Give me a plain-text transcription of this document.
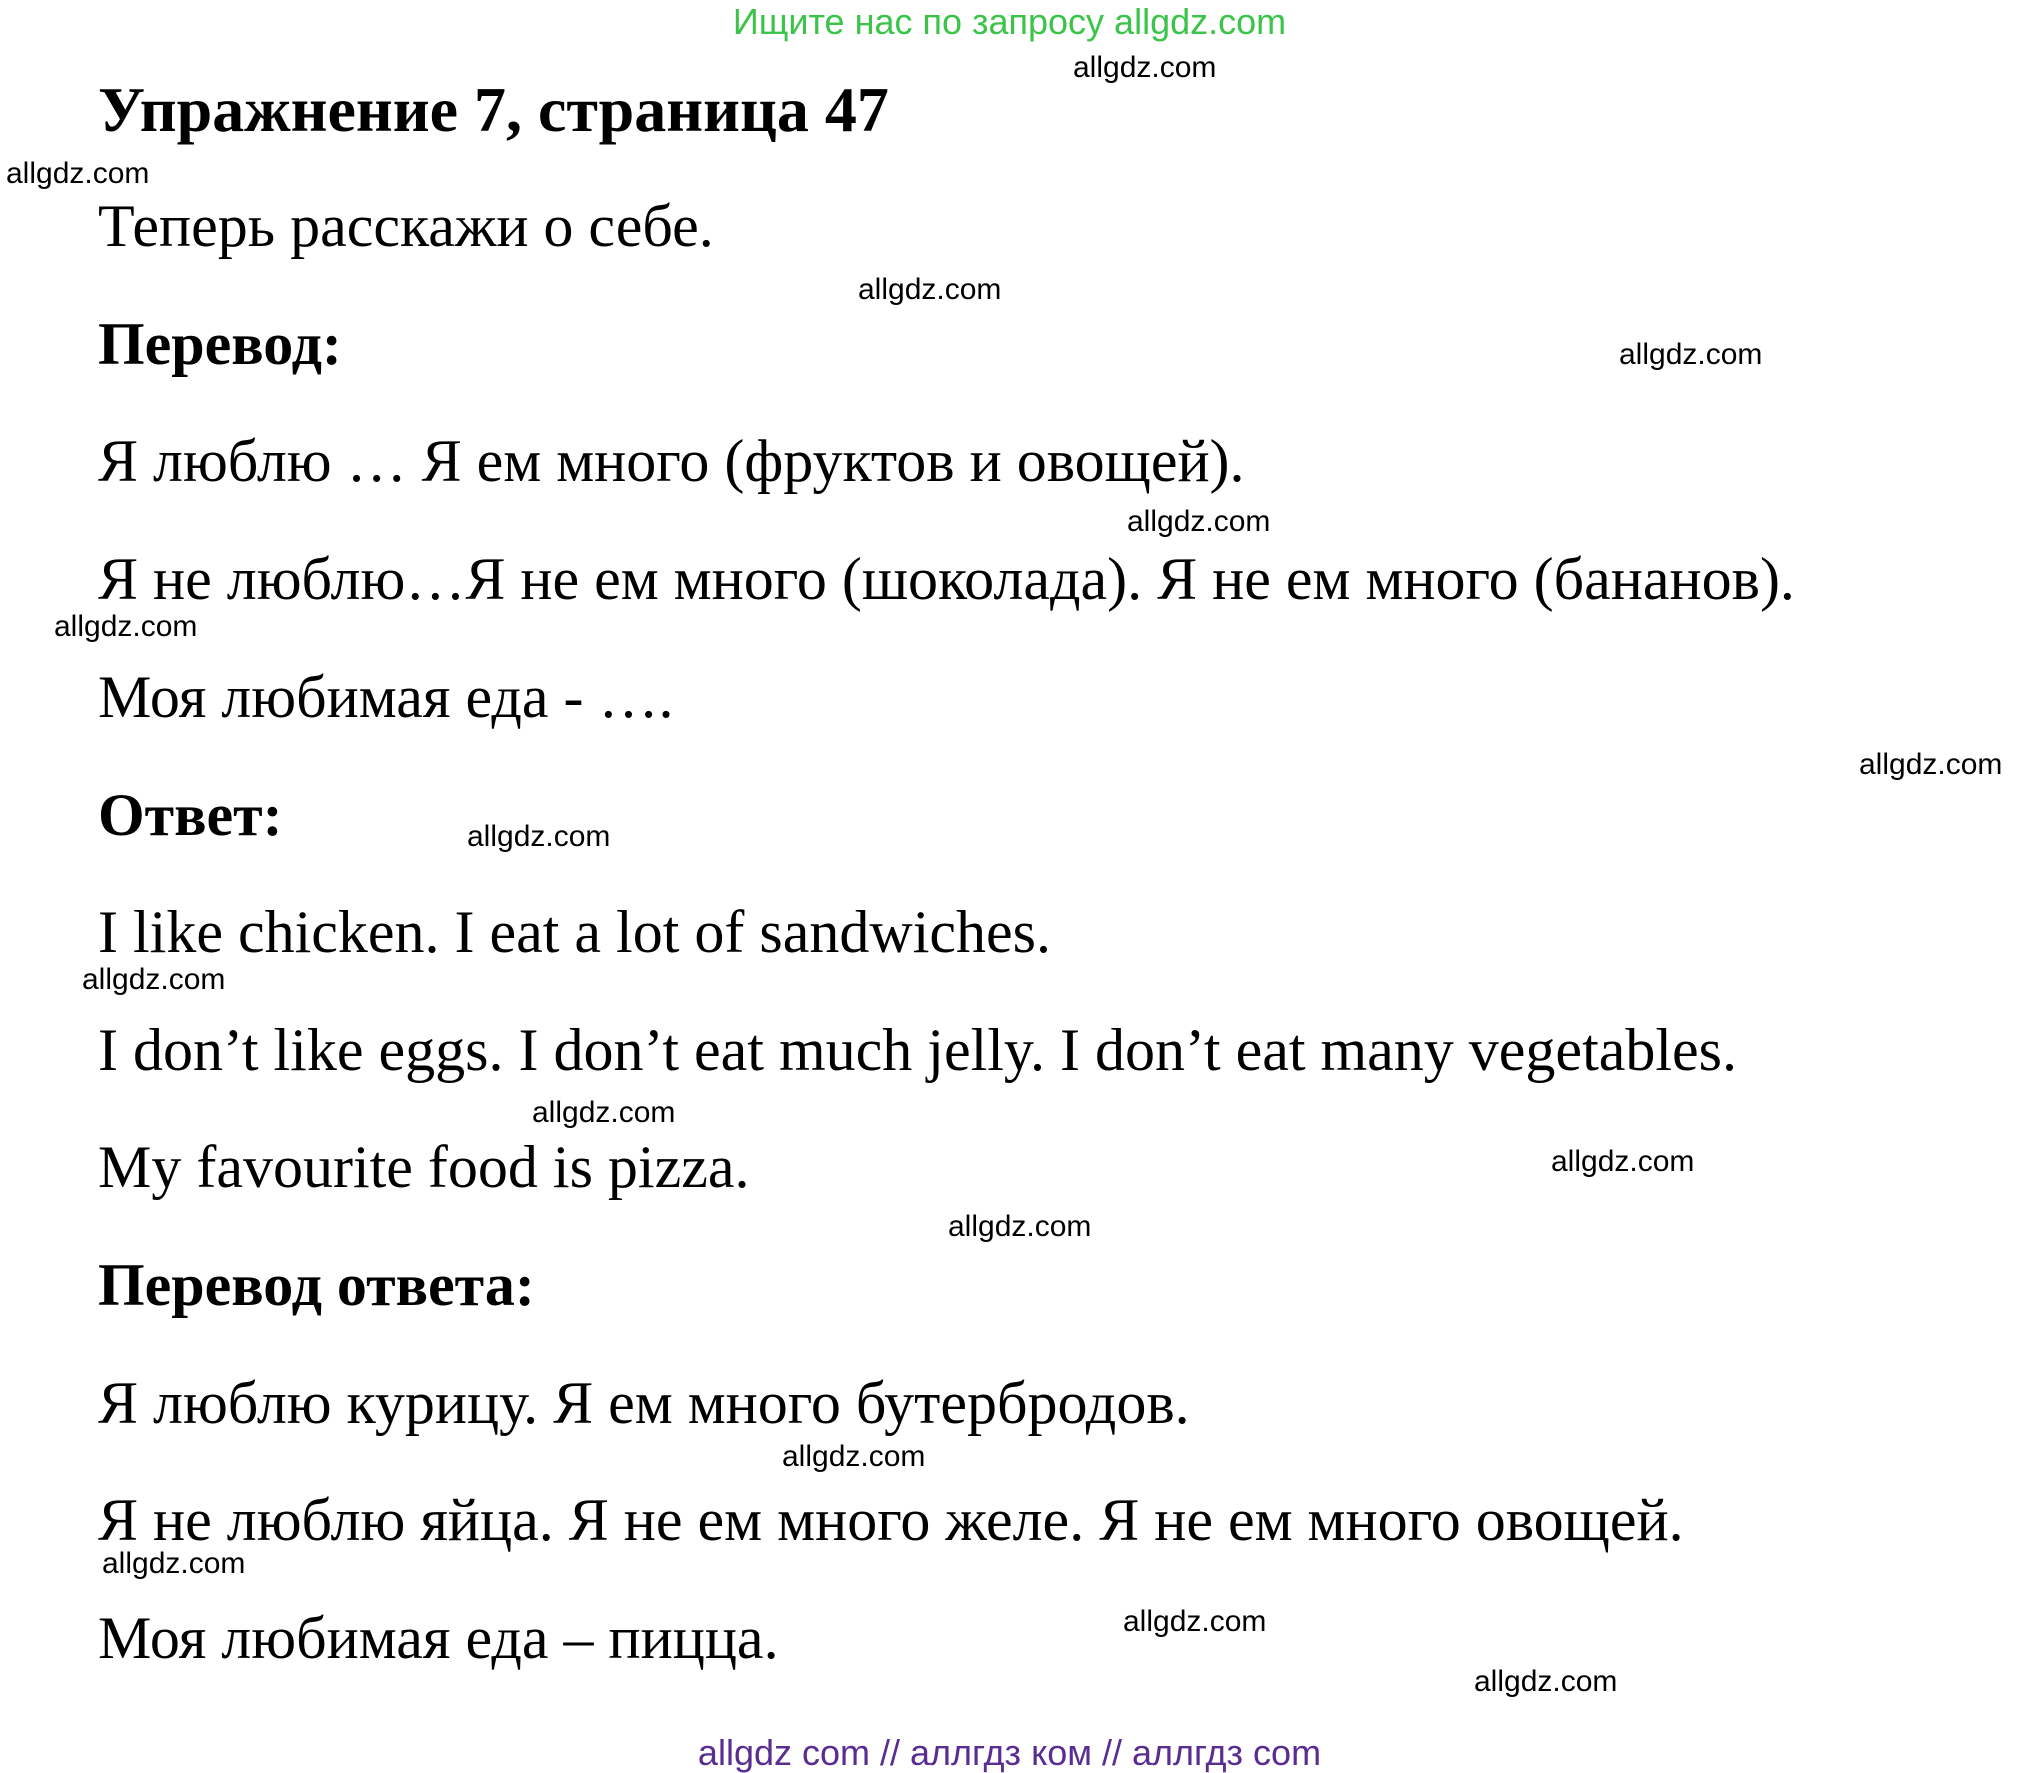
Ищите нас по запросу allgdz.com
Упражнение 7, страница 47

Теперь расскажи о себе.

Перевод:

Я люблю … Я ем много (фруктов и овощей).

Я не люблю…Я не ем много (шоколада). Я не ем много (бананов).

Моя любимая еда - ….

Ответ:

I like chicken. I eat a lot of sandwiches.

I don’t like eggs. I don’t eat much jelly. I don’t eat many vegetables.

My favourite food is pizza.

Перевод ответа:

Я люблю курицу. Я ем много бутербродов.

Я не люблю яйца. Я не ем много желе. Я не ем много овощей.

Моя любимая еда – пицца.

allgdz.com
allgdz.com
allgdz.com
allgdz.com
allgdz.com
allgdz.com
allgdz.com
allgdz.com
allgdz.com
allgdz.com
allgdz.com
allgdz.com
allgdz.com
allgdz.com
allgdz.com
allgdz.com
allgdz com // аллгдз ком // аллгдз com
